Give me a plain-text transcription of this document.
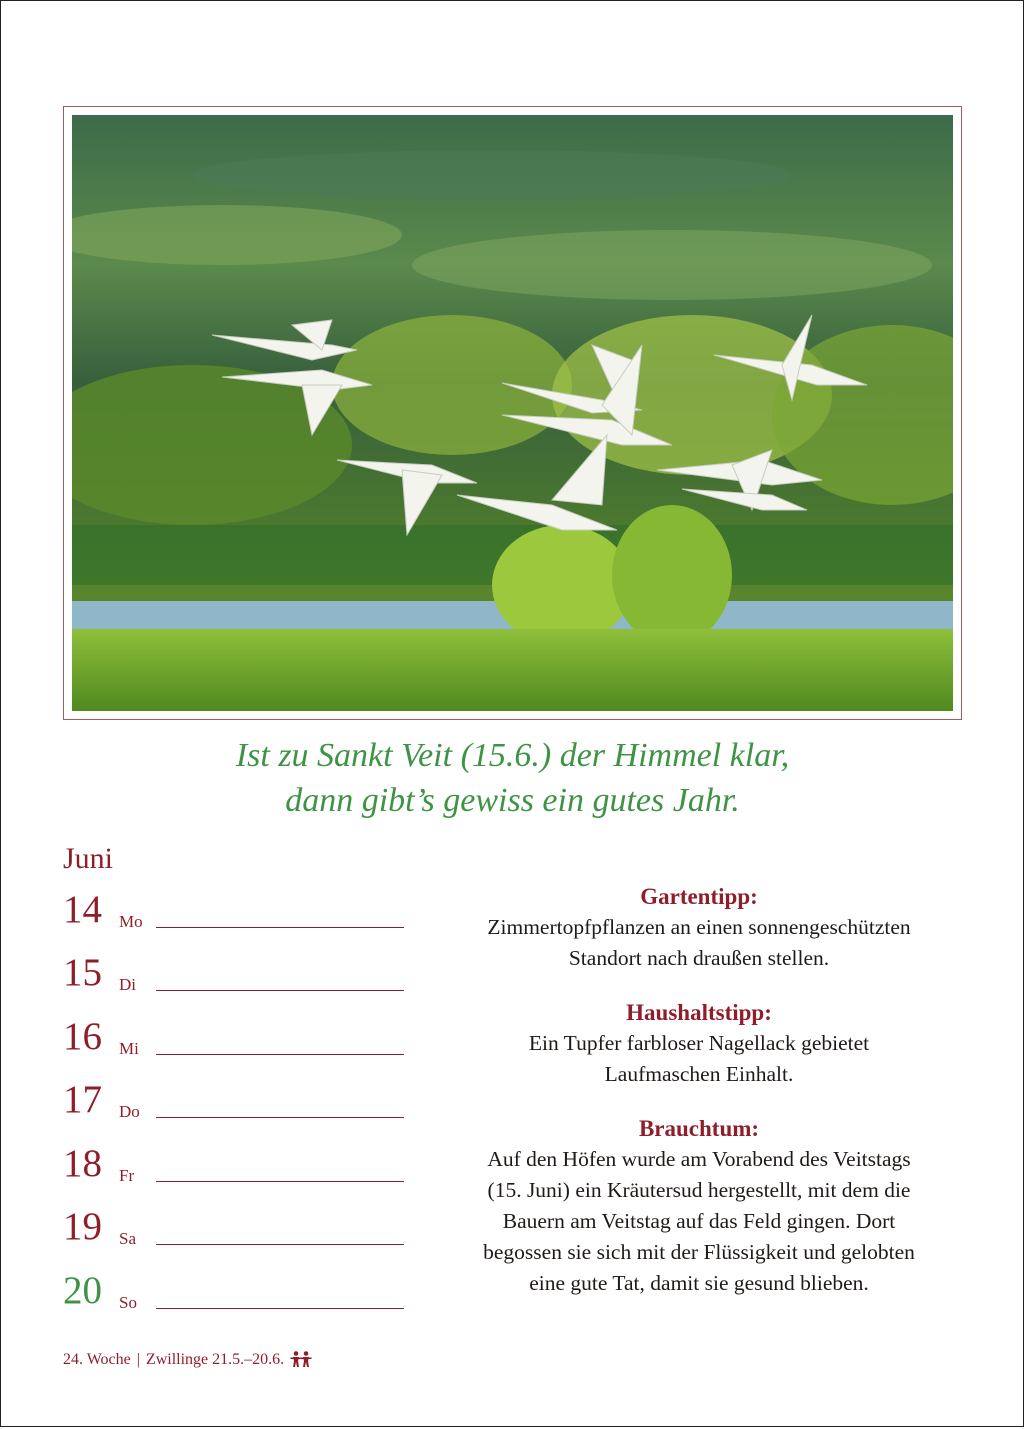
Ist zu Sankt Veit (15.6.) der Himmel klar,
dann gibt’s gewiss ein gutes Jahr.
Juni
14	Mo
15	Di
16	Mi
17	Do
18	Fr
19	Sa
20	So
Gartentipp:
Zimmertopfpflanzen an einen sonnengeschützten
Standort nach draußen stellen.
Haushaltstipp:
Ein Tupfer farbloser Nagellack gebietet
Laufmaschen Einhalt.
Brauchtum:
Auf den Höfen wurde am Vorabend des Veitstags
(15. Juni) ein Kräutersud hergestellt, mit dem die
Bauern am Veitstag auf das Feld gingen. Dort
begossen sie sich mit der Flüssigkeit und gelobten
eine gute Tat, damit sie gesund blieben.
24. Woche | Zwillinge 21.5.–20.6.
